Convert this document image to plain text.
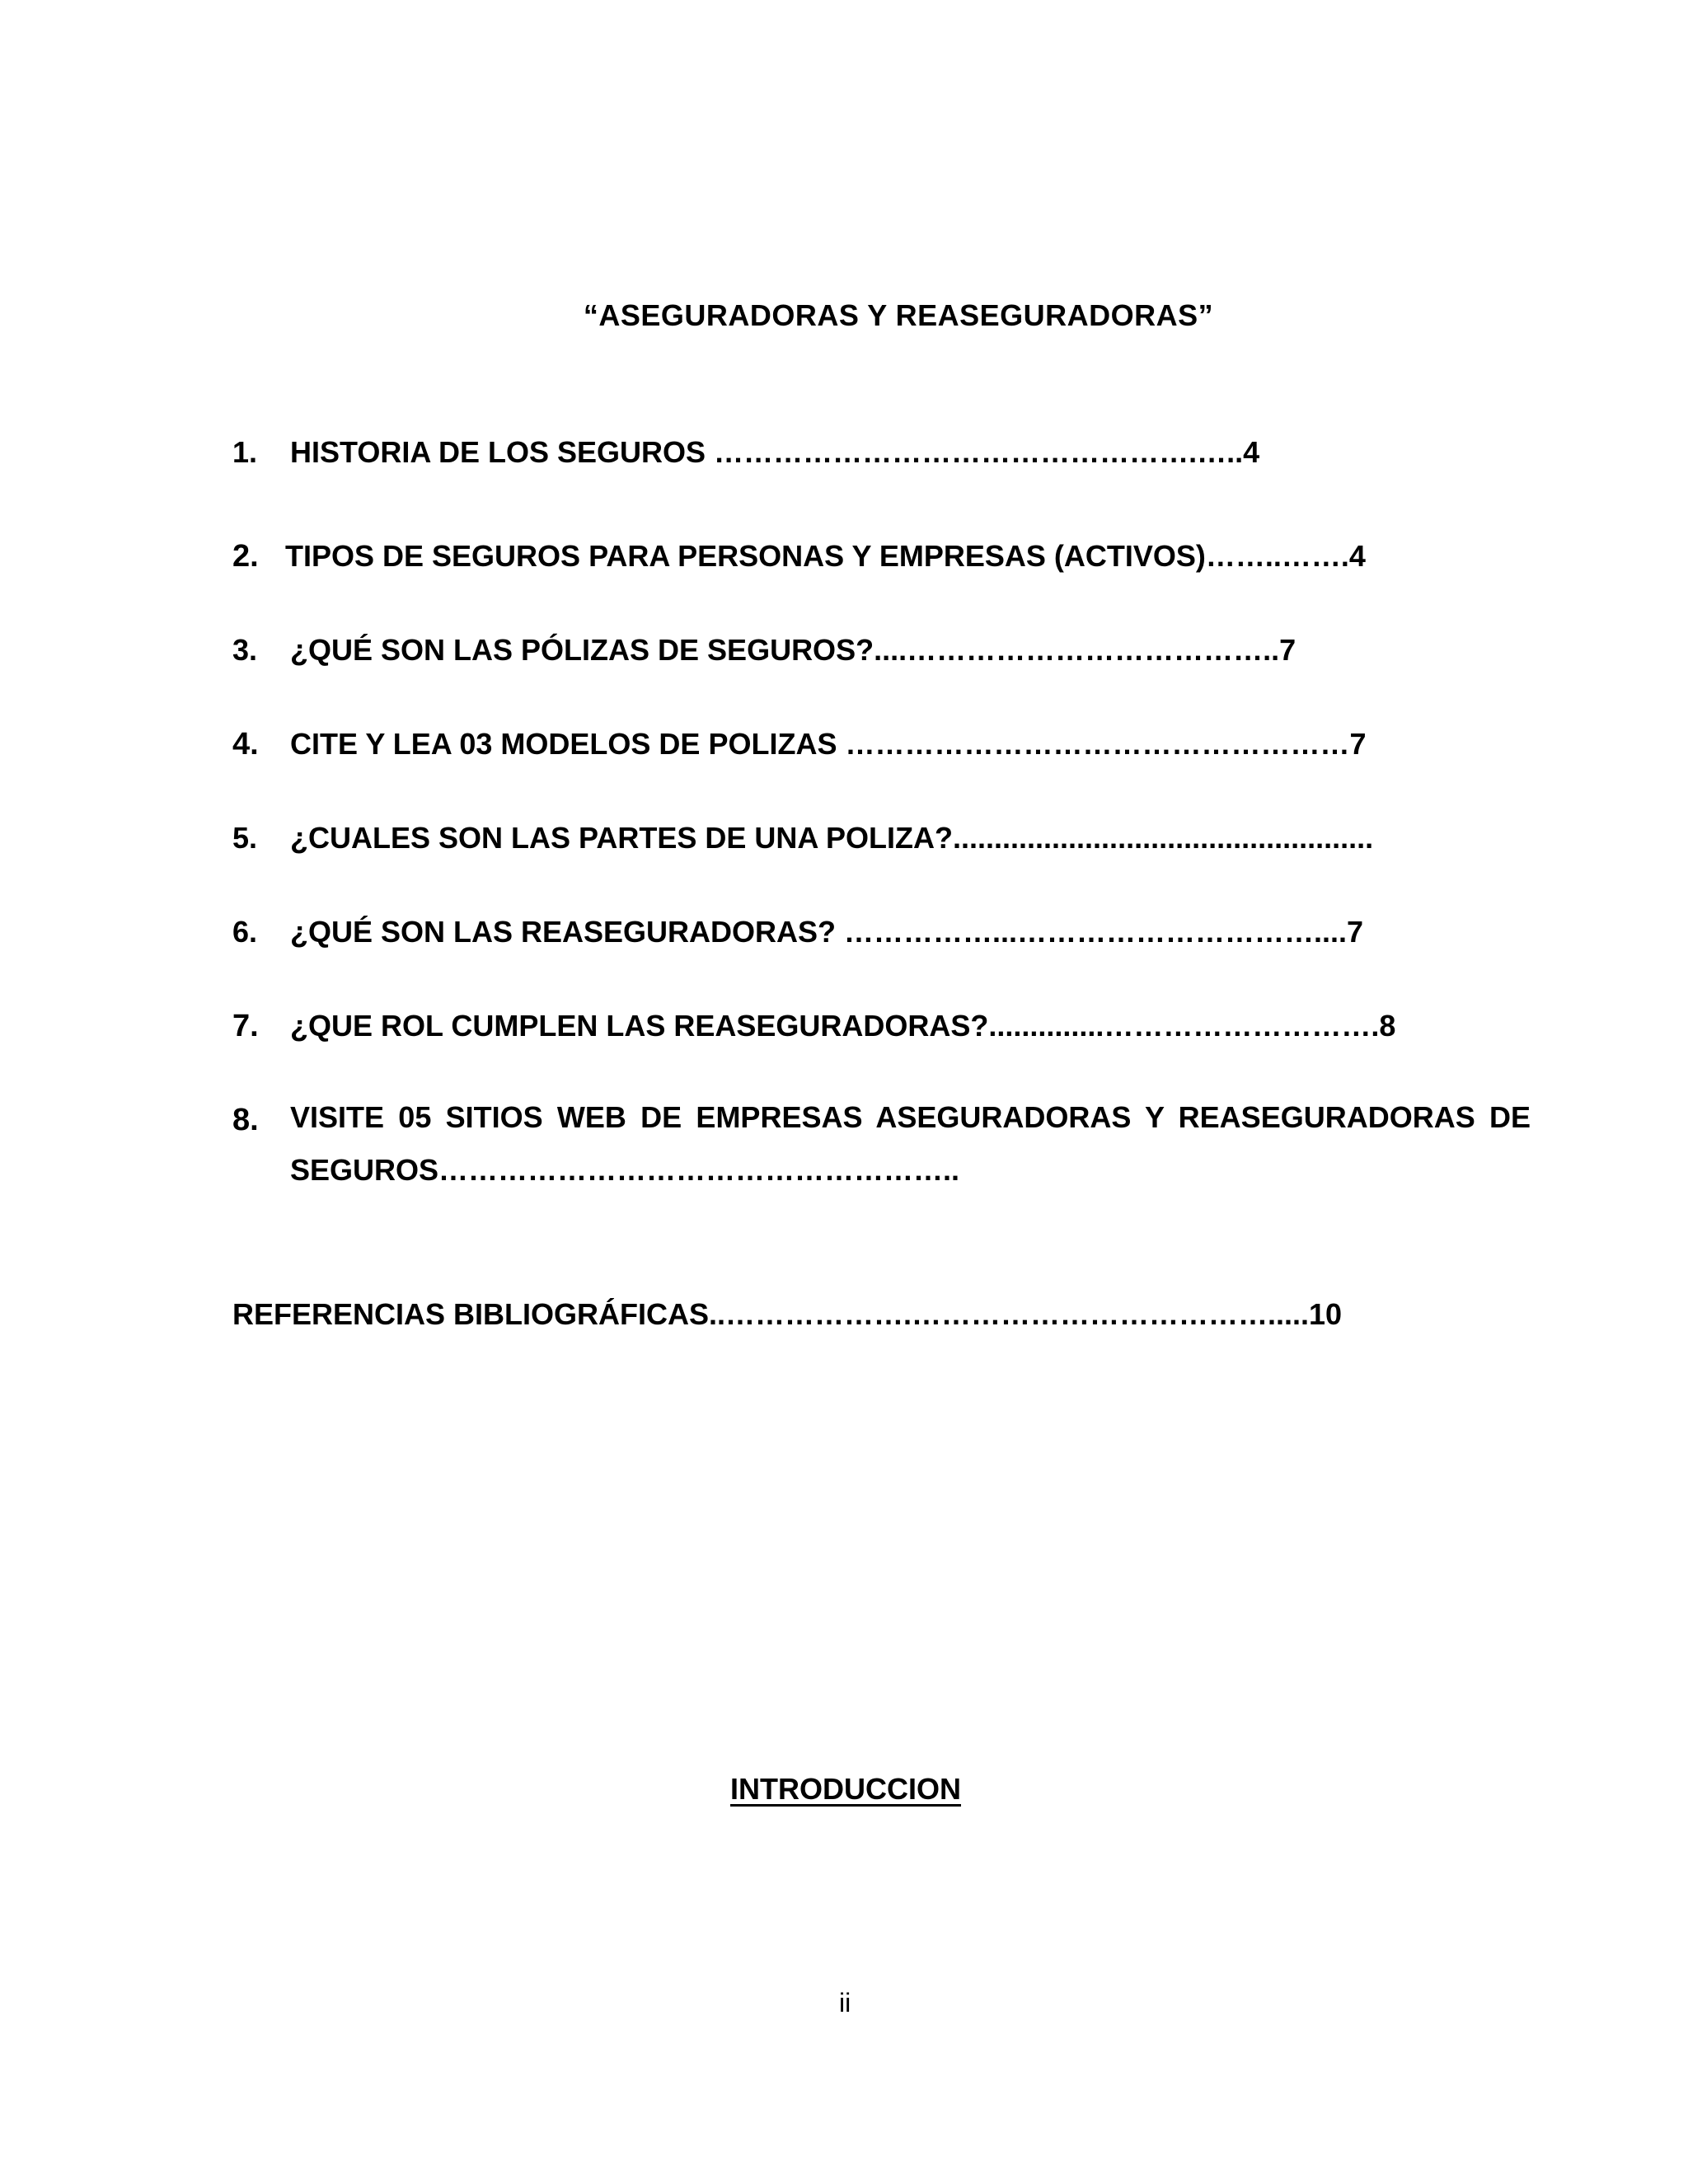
“ASEGURADORAS Y REASEGURADORAS”
1. HISTORIA DE LOS SEGUROS ………………………………………….…..4
2. TIPOS DE SEGUROS PARA PERSONAS Y EMPRESAS (ACTIVOS)……..…….4
3. ¿QUÉ SON LAS PÓLIZAS DE SEGUROS?....………………………………..7
4. CITE Y LEA 03 MODELOS DE POLIZAS ……………………………………………7
5. ¿CUALES SON LAS PARTES DE UNA POLIZA?...................................................
6. ¿QUÉ SON LAS REASEGURADORAS? ……………...…………………………....7
7. ¿QUE ROL CUMPLEN LAS REASEGURADORAS?..............……………………….8
8. VISITE 05 SITIOS WEB DE EMPRESAS ASEGURADORAS Y REASEGURADORAS DE SEGUROS……………………………………………..
REFERENCIAS BIBLIOGRÁFICAS..……………….……………………………….....10
INTRODUCCION
ii
